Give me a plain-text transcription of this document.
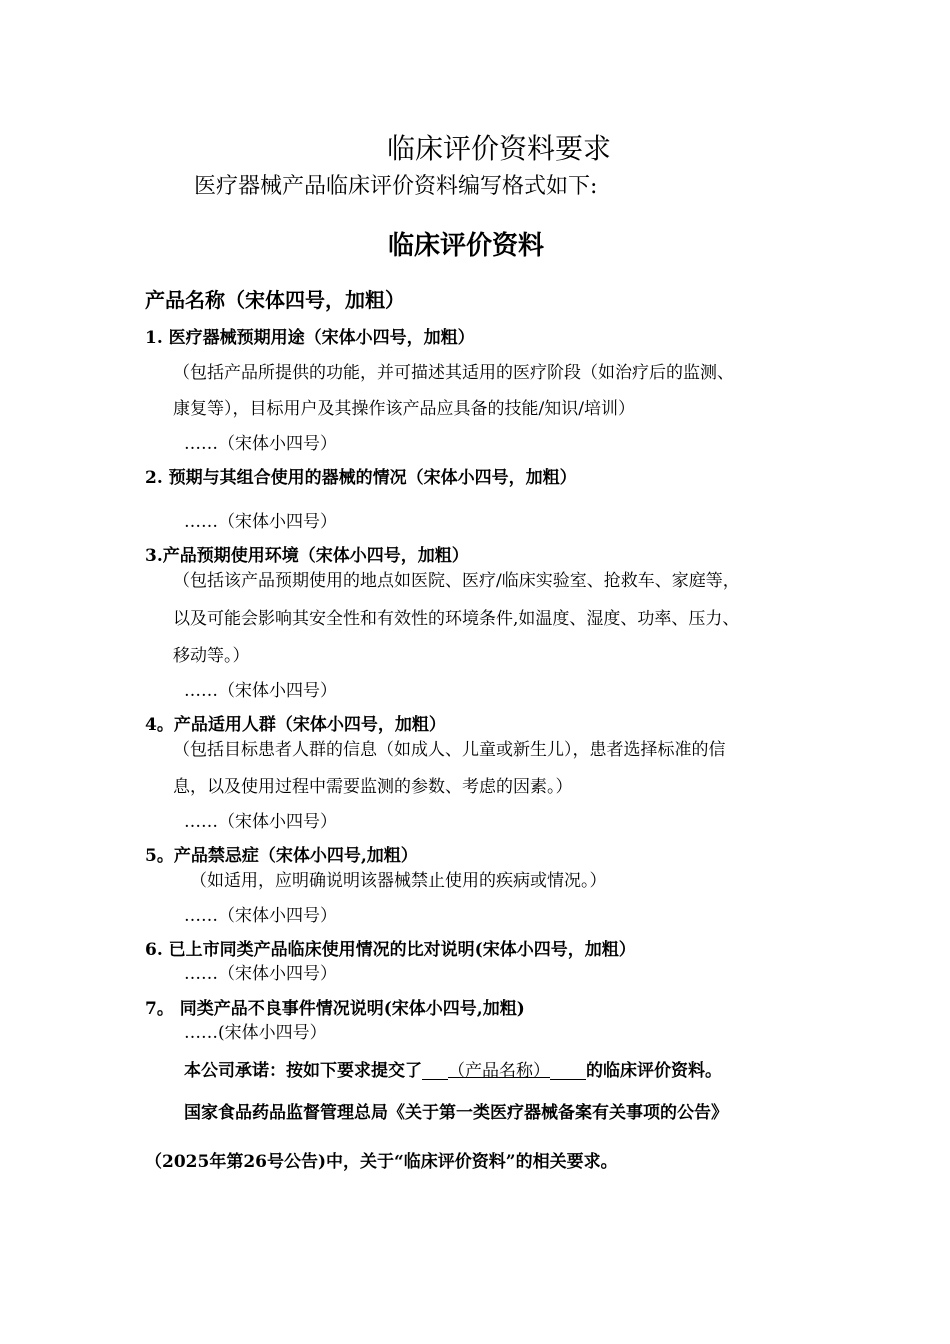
临床评价资料要求
医疗器械产品临床评价资料编写格式如下:
临床评价资料
产品名称（宋体四号，加粗）
1. 医疗器械预期用途（宋体小四号，加粗）
（包括产品所提供的功能，并可描述其适用的医疗阶段（如治疗后的监测、
康复等），目标用户及其操作该产品应具备的技能/知识/培训）
……（宋体小四号）
2. 预期与其组合使用的器械的情况（宋体小四号，加粗）
……（宋体小四号）
3.产品预期使用环境（宋体小四号，加粗）
（包括该产品预期使用的地点如医院、医疗/临床实验室、抢救车、家庭等，
以及可能会影响其安全性和有效性的环境条件,如温度、湿度、功率、压力、
移动等。）
……（宋体小四号）
4。产品适用人群（宋体小四号，加粗）
（包括目标患者人群的信息（如成人、儿童或新生儿），患者选择标准的信
息，以及使用过程中需要监测的参数、考虑的因素。）
……（宋体小四号）
5。产品禁忌症（宋体小四号,加粗）
（如适用，应明确说明该器械禁止使用的疾病或情况。）
……（宋体小四号）
6. 已上市同类产品临床使用情况的比对说明(宋体小四号，加粗）
……（宋体小四号）
7。 同类产品不良事件情况说明(宋体小四号,加粗)
……(宋体小四号）
本公司承诺：按如下要求提交了 （产品名称） 的临床评价资料。
国家食品药品监督管理总局《关于第一类医疗器械备案有关事项的公告》
（2025年第26号公告)中，关于“临床评价资料”的相关要求。
